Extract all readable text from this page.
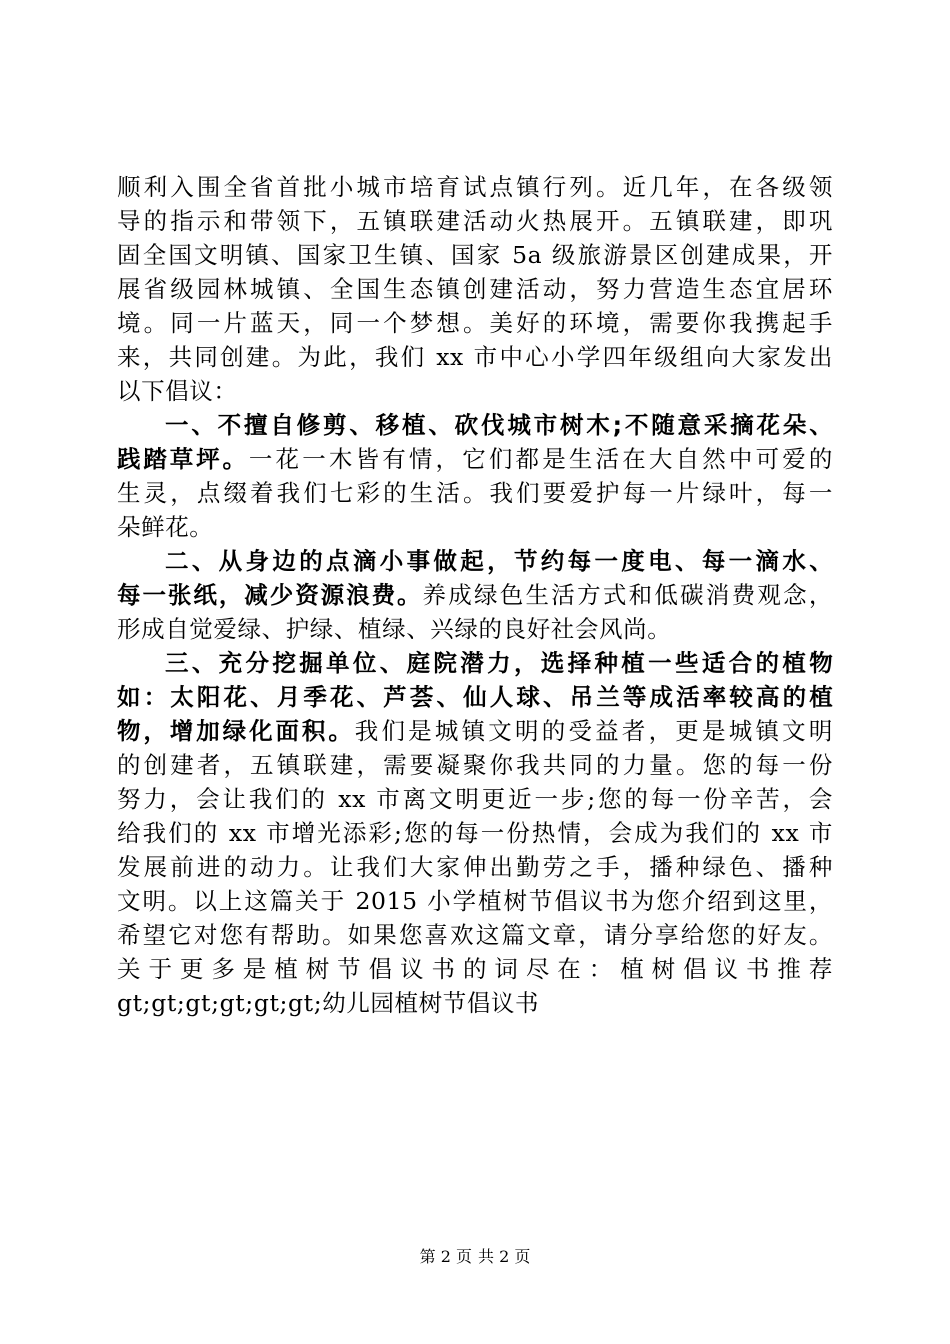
顺利入围全省首批小城市培育试点镇行列。近几年，在各级领
导的指示和带领下，五镇联建活动火热展开。五镇联建，即巩
固全国文明镇、国家卫生镇、国家 5a 级旅游景区创建成果，开
展省级园林城镇、全国生态镇创建活动，努力营造生态宜居环
境。同一片蓝天，同一个梦想。美好的环境，需要你我携起手
来，共同创建。为此，我们 xx 市中心小学四年级组向大家发出
以下倡议：
一、不擅自修剪、移植、砍伐城市树木;不随意采摘花朵、
践踏草坪。一花一木皆有情，它们都是生活在大自然中可爱的
生灵，点缀着我们七彩的生活。我们要爱护每一片绿叶，每一
朵鲜花。
二、从身边的点滴小事做起，节约每一度电、每一滴水、
每一张纸，减少资源浪费。养成绿色生活方式和低碳消费观念，
形成自觉爱绿、护绿、植绿、兴绿的良好社会风尚。
三、充分挖掘单位、庭院潜力，选择种植一些适合的植物
如：太阳花、月季花、芦荟、仙人球、吊兰等成活率较高的植
物，增加绿化面积。我们是城镇文明的受益者，更是城镇文明
的创建者，五镇联建，需要凝聚你我共同的力量。您的每一份
努力，会让我们的 xx 市离文明更近一步;您的每一份辛苦，会
给我们的 xx 市增光添彩;您的每一份热情，会成为我们的 xx 市
发展前进的动力。让我们大家伸出勤劳之手，播种绿色、播种
文明。以上这篇关于 2015 小学植树节倡议书为您介绍到这里，
希望它对您有帮助。如果您喜欢这篇文章，请分享给您的好友。
关于更多是植树节倡议书的词尽在：植树倡议书推荐
gt;gt;gt;gt;gt;gt;幼儿园植树节倡议书
第 2 页 共 2 页
